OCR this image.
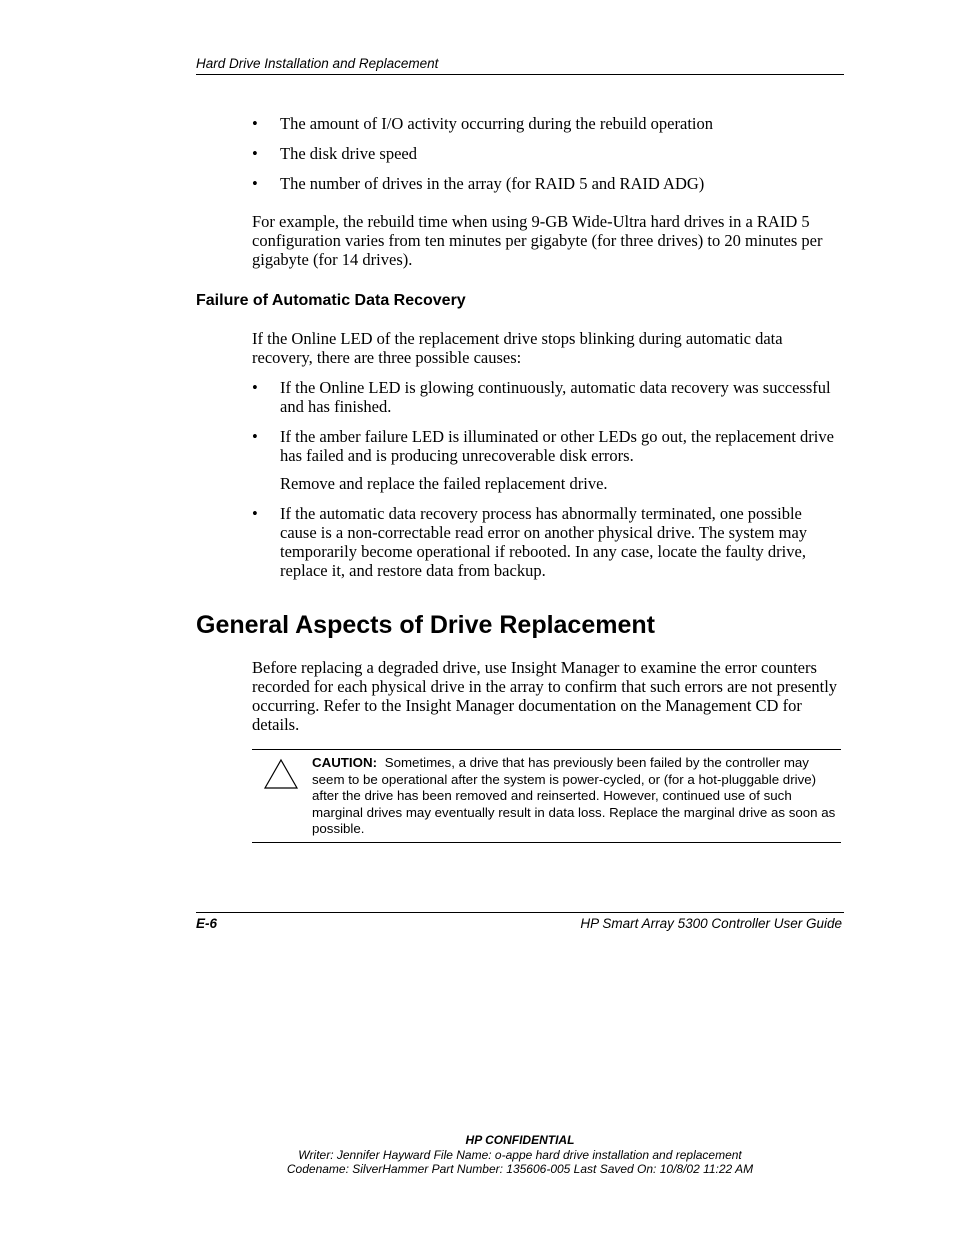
Hard Drive Installation and Replacement
• The amount of I/O activity occurring during the rebuild operation
• The disk drive speed
• The number of drives in the array (for RAID 5 and RAID ADG)

For example, the rebuild time when using 9-GB Wide-Ultra hard drives in a RAID 5 configuration varies from ten minutes per gigabyte (for three drives) to 20 minutes per gigabyte (for 14 drives).

Failure of Automatic Data Recovery

If the Online LED of the replacement drive stops blinking during automatic data recovery, there are three possible causes:

• If the Online LED is glowing continuously, automatic data recovery was successful and has finished.
• If the amber failure LED is illuminated or other LEDs go out, the replacement drive has failed and is producing unrecoverable disk errors.
Remove and replace the failed replacement drive.
• If the automatic data recovery process has abnormally terminated, one possible cause is a non-correctable read error on another physical drive. The system may temporarily become operational if rebooted. In any case, locate the faulty drive, replace it, and restore data from backup.
General Aspects of Drive Replacement

Before replacing a degraded drive, use Insight Manager to examine the error counters recorded for each physical drive in the array to confirm that such errors are not presently occurring. Refer to the Insight Manager documentation on the Management CD for details.

CAUTION: Sometimes, a drive that has previously been failed by the controller may seem to be operational after the system is power-cycled, or (for a hot-pluggable drive) after the drive has been removed and reinserted. However, continued use of such marginal drives may eventually result in data loss. Replace the marginal drive as soon as possible.
E-6	HP Smart Array 5300 Controller User Guide
HP CONFIDENTIAL
Writer: Jennifer Hayward File Name: o-appe hard drive installation and replacement
Codename: SilverHammer Part Number: 135606-005 Last Saved On: 10/8/02 11:22 AM
